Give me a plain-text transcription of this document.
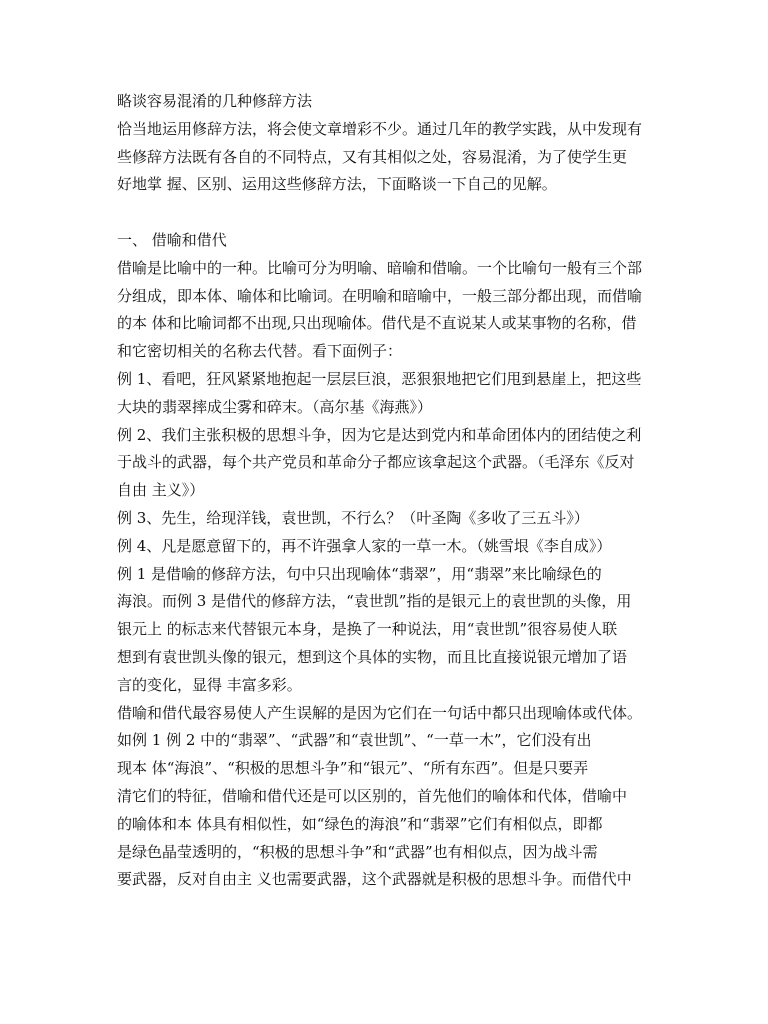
略谈容易混淆的几种修辞方法
恰当地运用修辞方法，将会使文章增彩不少。通过几年的教学实践，从中发现有
些修辞方法既有各自的不同特点，又有其相似之处，容易混淆，为了使学生更
好地掌 握、区别、运用这些修辞方法，下面略谈一下自己的见解。
一、 借喻和借代
借喻是比喻中的一种。比喻可分为明喻、暗喻和借喻。一个比喻句一般有三个部
分组成，即本体、喻体和比喻词。在明喻和暗喻中，一般三部分都出现，而借喻
的本 体和比喻词都不出现,只出现喻体。借代是不直说某人或某事物的名称，借
和它密切相关的名称去代替。看下面例子：
例 1、看吧，狂风紧紧地抱起一层层巨浪，恶狠狠地把它们甩到悬崖上，把这些
大块的翡翠摔成尘雾和碎末。（高尔基《海燕》）
例 2、我们主张积极的思想斗争，因为它是达到党内和革命团体内的团结使之利
于战斗的武器，每个共产党员和革命分子都应该拿起这个武器。（毛泽东《反对
自由 主义》）
例 3、先生，给现洋钱，袁世凯，不行么？（叶圣陶《多收了三五斗》）
例 4、凡是愿意留下的，再不许强拿人家的一草一木。（姚雪垠《李自成》）
例 1 是借喻的修辞方法，句中只出现喻体“翡翠”，用“翡翠”来比喻绿色的
海浪。而例 3 是借代的修辞方法，“袁世凯”指的是银元上的袁世凯的头像，用
银元上 的标志来代替银元本身，是换了一种说法，用“袁世凯”很容易使人联
想到有袁世凯头像的银元，想到这个具体的实物，而且比直接说银元增加了语
言的变化，显得 丰富多彩。
借喻和借代最容易使人产生误解的是因为它们在一句话中都只出现喻体或代体。
如例 1 例 2 中的“翡翠”、“武器”和“袁世凯”、“一草一木”，它们没有出
现本 体“海浪”、“积极的思想斗争”和“银元”、“所有东西”。但是只要弄
清它们的特征，借喻和借代还是可以区别的，首先他们的喻体和代体，借喻中
的喻体和本 体具有相似性，如“绿色的海浪”和“翡翠”它们有相似点，即都
是绿色晶莹透明的，“积极的思想斗争”和“武器”也有相似点，因为战斗需
要武器，反对自由主 义也需要武器，这个武器就是积极的思想斗争。而借代中
